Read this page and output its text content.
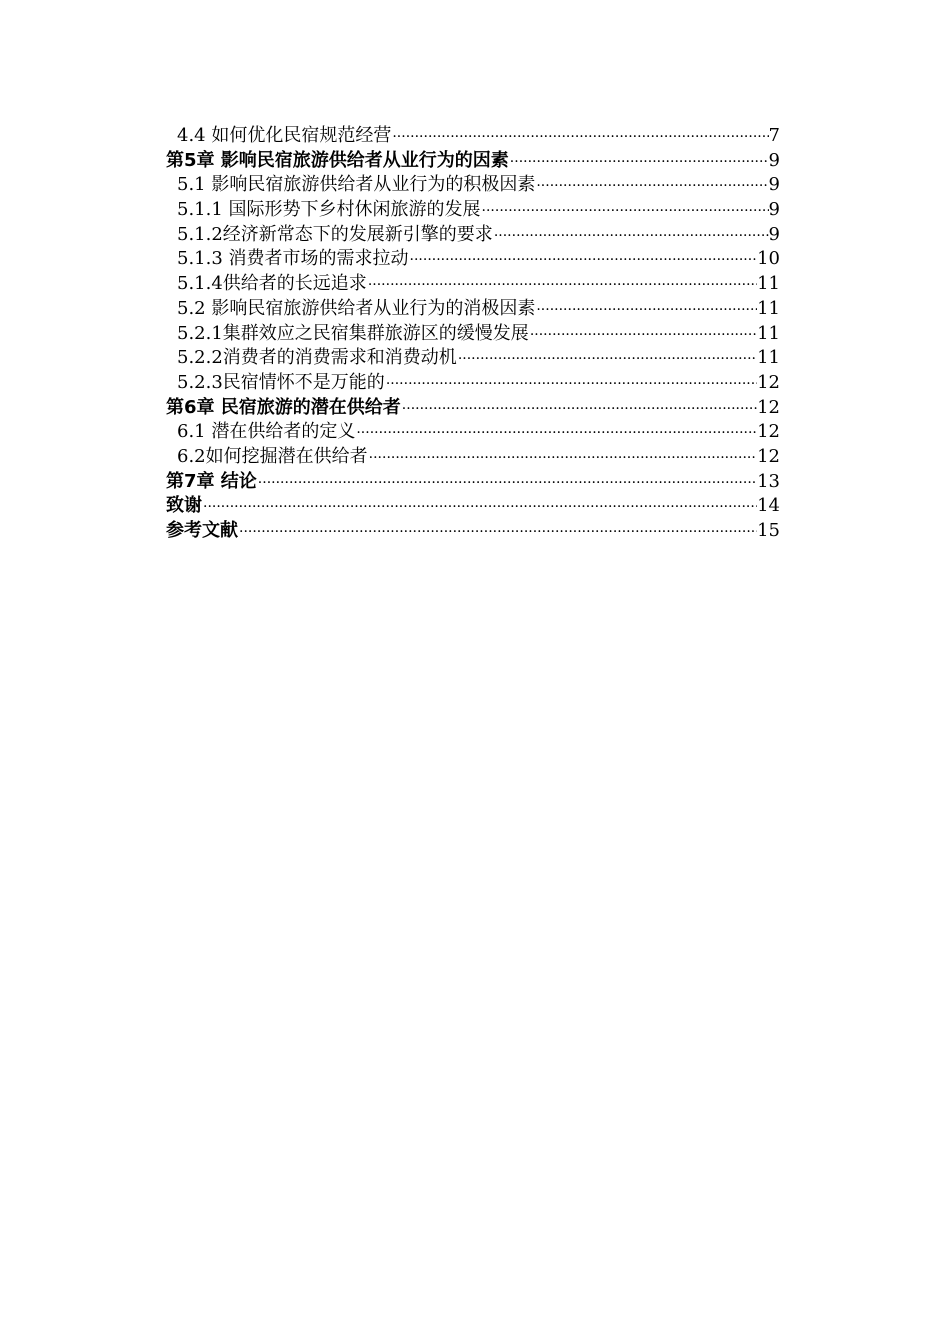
4.4 如何优化民宿规范经营 ·····	7
第5章 影响民宿旅游供给者从业行为的因素 ·····	9
5.1 影响民宿旅游供给者从业行为的积极因素 ·····	9
5.1.1 国际形势下乡村休闲旅游的发展 ·····	9
5.1.2经济新常态下的发展新引擎的要求 ·····	9
5.1.3 消费者市场的需求拉动 ·····	10
5.1.4供给者的长远追求 ·····	11
5.2 影响民宿旅游供给者从业行为的消极因素 ·····	11
5.2.1集群效应之民宿集群旅游区的缓慢发展 ·····	11
5.2.2消费者的消费需求和消费动机 ·····	11
5.2.3民宿情怀不是万能的 ·····	12
第6章 民宿旅游的潜在供给者 ·····	12
6.1 潜在供给者的定义 ·····	12
6.2如何挖掘潜在供给者 ·····	12
第7章 结论 ·····	13
致谢 ·····	14
参考文献 ·····	15
